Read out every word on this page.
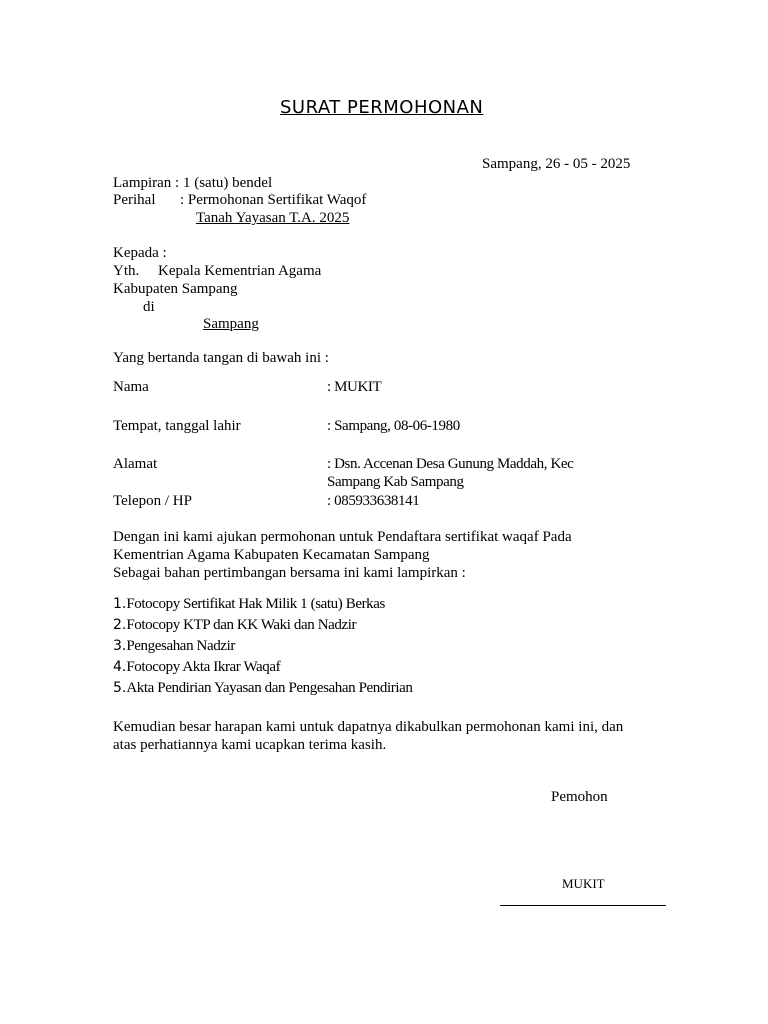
SURAT PERMOHONAN
Sampang, 26 - 05 - 2025
Lampiran : 1 (satu) bendel
Perihal : Permohonan Sertifikat Waqof
Tanah Yayasan T.A. 2025
Kepada :
Yth. Kepala Kementrian Agama
Kabupaten Sampang
di
Sampang
Yang bertanda tangan di bawah ini :
Nama	: MUKIT
Tempat, tanggal lahir	: Sampang, 08-06-1980
Alamat	: Dsn. Accenan Desa Gunung Maddah, Kec
Sampang Kab Sampang
Telepon / HP	: 085933638141
Dengan ini kami ajukan permohonan untuk Pendaftara sertifikat waqaf Pada
Kementrian Agama Kabupaten Kecamatan Sampang
Sebagai bahan pertimbangan bersama ini kami lampirkan :
1.Fotocopy Sertifikat Hak Milik 1 (satu) Berkas
2.Fotocopy KTP dan KK Waki dan Nadzir
3.Pengesahan Nadzir
4.Fotocopy Akta Ikrar Waqaf
5.Akta Pendirian Yayasan dan Pengesahan Pendirian
Kemudian besar harapan kami untuk dapatnya dikabulkan permohonan kami ini, dan
atas perhatiannya kami ucapkan terima kasih.
Pemohon
MUKIT
